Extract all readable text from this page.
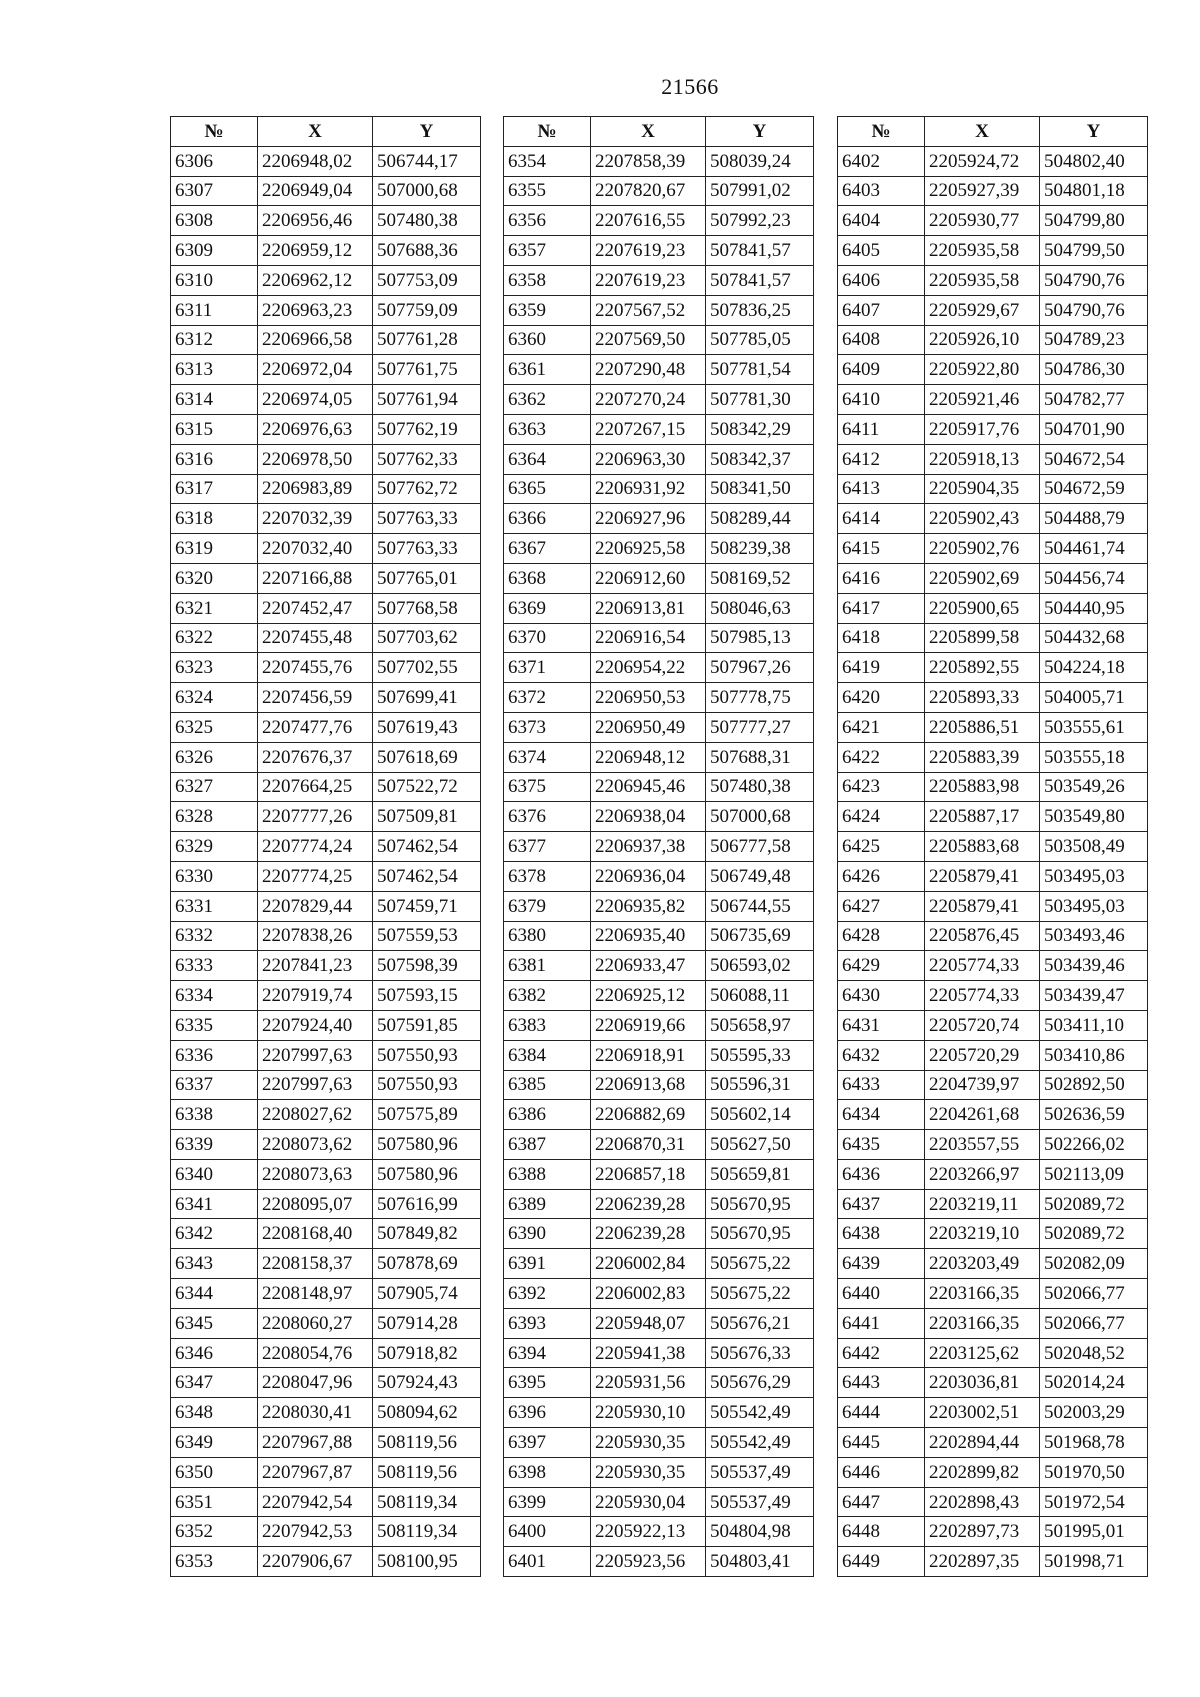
21566
№	X	Y
6306	2206948,02	506744,17
6307	2206949,04	507000,68
6308	2206956,46	507480,38
6309	2206959,12	507688,36
6310	2206962,12	507753,09
6311	2206963,23	507759,09
6312	2206966,58	507761,28
6313	2206972,04	507761,75
6314	2206974,05	507761,94
6315	2206976,63	507762,19
6316	2206978,50	507762,33
6317	2206983,89	507762,72
6318	2207032,39	507763,33
6319	2207032,40	507763,33
6320	2207166,88	507765,01
6321	2207452,47	507768,58
6322	2207455,48	507703,62
6323	2207455,76	507702,55
6324	2207456,59	507699,41
6325	2207477,76	507619,43
6326	2207676,37	507618,69
6327	2207664,25	507522,72
6328	2207777,26	507509,81
6329	2207774,24	507462,54
6330	2207774,25	507462,54
6331	2207829,44	507459,71
6332	2207838,26	507559,53
6333	2207841,23	507598,39
6334	2207919,74	507593,15
6335	2207924,40	507591,85
6336	2207997,63	507550,93
6337	2207997,63	507550,93
6338	2208027,62	507575,89
6339	2208073,62	507580,96
6340	2208073,63	507580,96
6341	2208095,07	507616,99
6342	2208168,40	507849,82
6343	2208158,37	507878,69
6344	2208148,97	507905,74
6345	2208060,27	507914,28
6346	2208054,76	507918,82
6347	2208047,96	507924,43
6348	2208030,41	508094,62
6349	2207967,88	508119,56
6350	2207967,87	508119,56
6351	2207942,54	508119,34
6352	2207942,53	508119,34
6353	2207906,67	508100,95
№	X	Y
6354	2207858,39	508039,24
6355	2207820,67	507991,02
6356	2207616,55	507992,23
6357	2207619,23	507841,57
6358	2207619,23	507841,57
6359	2207567,52	507836,25
6360	2207569,50	507785,05
6361	2207290,48	507781,54
6362	2207270,24	507781,30
6363	2207267,15	508342,29
6364	2206963,30	508342,37
6365	2206931,92	508341,50
6366	2206927,96	508289,44
6367	2206925,58	508239,38
6368	2206912,60	508169,52
6369	2206913,81	508046,63
6370	2206916,54	507985,13
6371	2206954,22	507967,26
6372	2206950,53	507778,75
6373	2206950,49	507777,27
6374	2206948,12	507688,31
6375	2206945,46	507480,38
6376	2206938,04	507000,68
6377	2206937,38	506777,58
6378	2206936,04	506749,48
6379	2206935,82	506744,55
6380	2206935,40	506735,69
6381	2206933,47	506593,02
6382	2206925,12	506088,11
6383	2206919,66	505658,97
6384	2206918,91	505595,33
6385	2206913,68	505596,31
6386	2206882,69	505602,14
6387	2206870,31	505627,50
6388	2206857,18	505659,81
6389	2206239,28	505670,95
6390	2206239,28	505670,95
6391	2206002,84	505675,22
6392	2206002,83	505675,22
6393	2205948,07	505676,21
6394	2205941,38	505676,33
6395	2205931,56	505676,29
6396	2205930,10	505542,49
6397	2205930,35	505542,49
6398	2205930,35	505537,49
6399	2205930,04	505537,49
6400	2205922,13	504804,98
6401	2205923,56	504803,41
№	X	Y
6402	2205924,72	504802,40
6403	2205927,39	504801,18
6404	2205930,77	504799,80
6405	2205935,58	504799,50
6406	2205935,58	504790,76
6407	2205929,67	504790,76
6408	2205926,10	504789,23
6409	2205922,80	504786,30
6410	2205921,46	504782,77
6411	2205917,76	504701,90
6412	2205918,13	504672,54
6413	2205904,35	504672,59
6414	2205902,43	504488,79
6415	2205902,76	504461,74
6416	2205902,69	504456,74
6417	2205900,65	504440,95
6418	2205899,58	504432,68
6419	2205892,55	504224,18
6420	2205893,33	504005,71
6421	2205886,51	503555,61
6422	2205883,39	503555,18
6423	2205883,98	503549,26
6424	2205887,17	503549,80
6425	2205883,68	503508,49
6426	2205879,41	503495,03
6427	2205879,41	503495,03
6428	2205876,45	503493,46
6429	2205774,33	503439,46
6430	2205774,33	503439,47
6431	2205720,74	503411,10
6432	2205720,29	503410,86
6433	2204739,97	502892,50
6434	2204261,68	502636,59
6435	2203557,55	502266,02
6436	2203266,97	502113,09
6437	2203219,11	502089,72
6438	2203219,10	502089,72
6439	2203203,49	502082,09
6440	2203166,35	502066,77
6441	2203166,35	502066,77
6442	2203125,62	502048,52
6443	2203036,81	502014,24
6444	2203002,51	502003,29
6445	2202894,44	501968,78
6446	2202899,82	501970,50
6447	2202898,43	501972,54
6448	2202897,73	501995,01
6449	2202897,35	501998,71
